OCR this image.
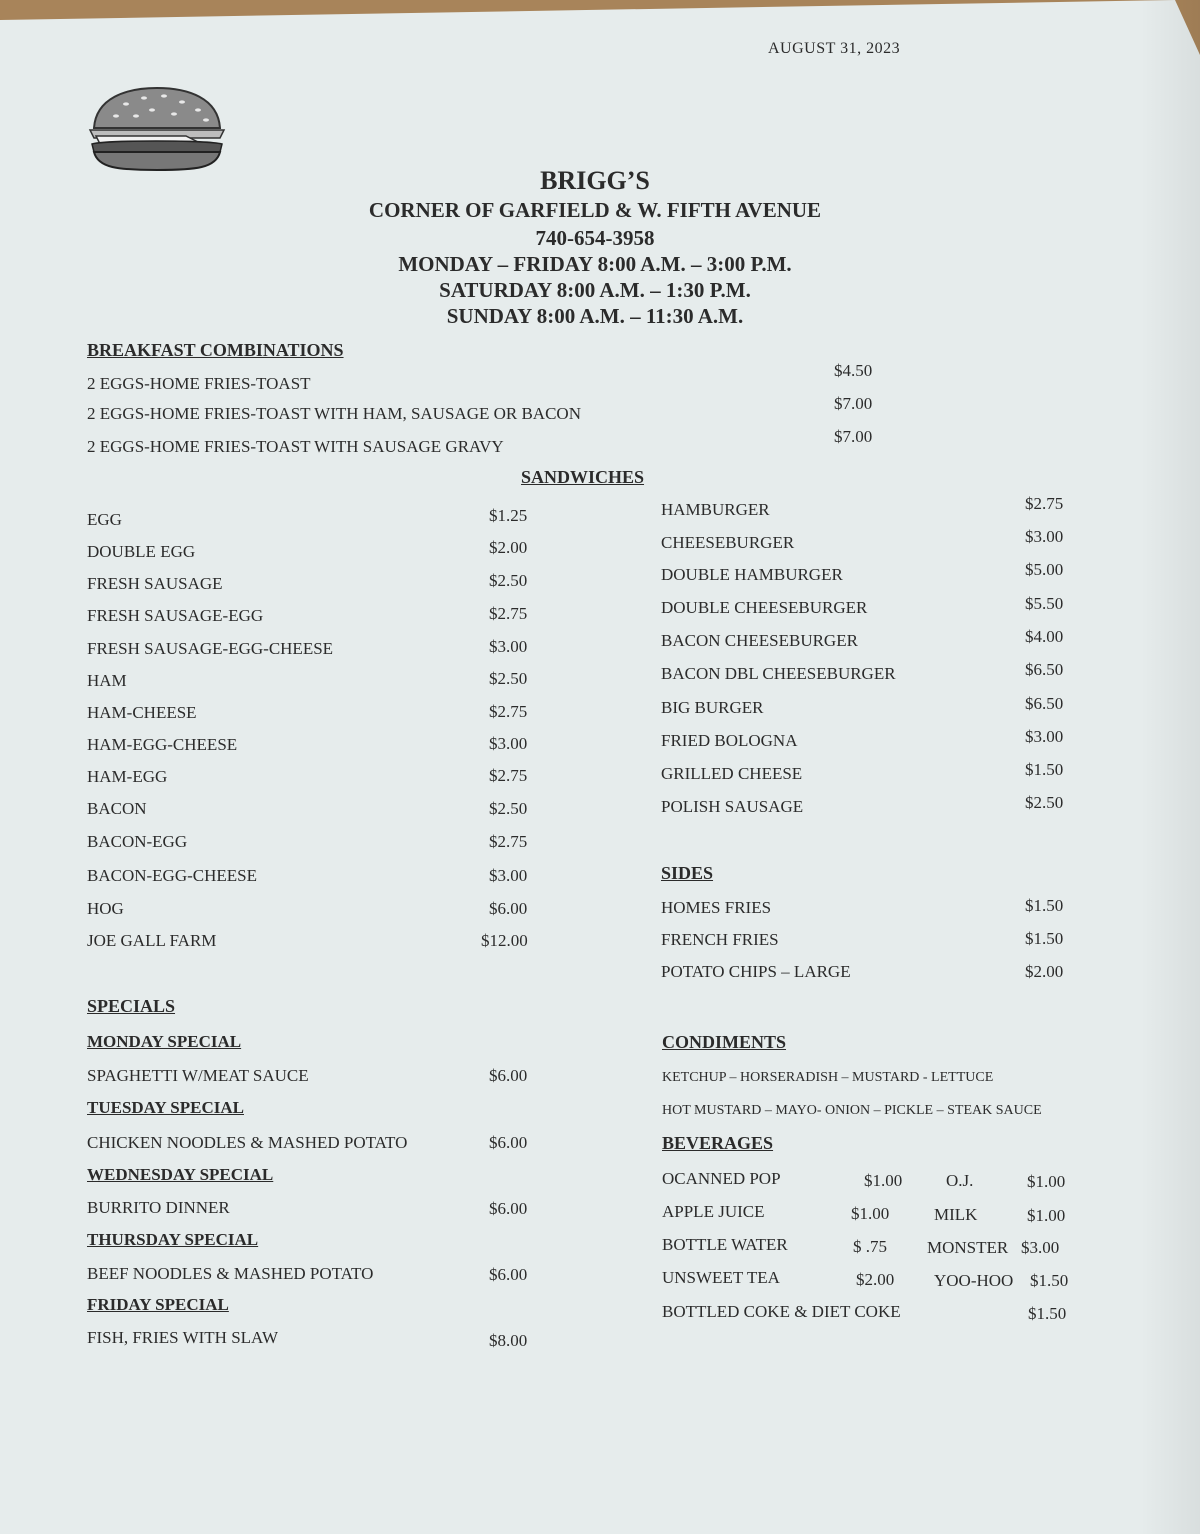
AUGUST 31, 2023
BRIGG’S
CORNER OF GARFIELD & W. FIFTH AVENUE
740-654-3958
MONDAY – FRIDAY 8:00 A.M. – 3:00 P.M.
SATURDAY 8:00 A.M. – 1:30 P.M.
SUNDAY 8:00 A.M. – 11:30 A.M.
BREAKFAST COMBINATIONS
2 EGGS-HOME FRIES-TOAST
$4.50
2 EGGS-HOME FRIES-TOAST WITH HAM, SAUSAGE OR BACON
$7.00
2 EGGS-HOME FRIES-TOAST WITH SAUSAGE GRAVY
$7.00
SANDWICHES
EGG	$1.25
DOUBLE EGG	$2.00
FRESH SAUSAGE	$2.50
FRESH SAUSAGE-EGG	$2.75
FRESH SAUSAGE-EGG-CHEESE	$3.00
HAM	$2.50
HAM-CHEESE	$2.75
HAM-EGG-CHEESE	$3.00
HAM-EGG	$2.75
BACON	$2.50
BACON-EGG	$2.75
BACON-EGG-CHEESE	$3.00
HOG	$6.00
JOE GALL FARM	$12.00
HAMBURGER	$2.75
CHEESEBURGER	$3.00
DOUBLE HAMBURGER	$5.00
DOUBLE CHEESEBURGER	$5.50
BACON CHEESEBURGER	$4.00
BACON DBL CHEESEBURGER	$6.50
BIG BURGER	$6.50
FRIED BOLOGNA	$3.00
GRILLED CHEESE	$1.50
POLISH SAUSAGE	$2.50
SIDES
HOMES FRIES	$1.50
FRENCH FRIES	$1.50
POTATO CHIPS – LARGE	$2.00
SPECIALS
MONDAY SPECIAL
SPAGHETTI W/MEAT SAUCE	$6.00
TUESDAY SPECIAL
CHICKEN NOODLES & MASHED POTATO	$6.00
WEDNESDAY SPECIAL
BURRITO DINNER	$6.00
THURSDAY SPECIAL
BEEF NOODLES & MASHED POTATO	$6.00
FRIDAY SPECIAL
FISH, FRIES WITH SLAW	$8.00
CONDIMENTS
KETCHUP – HORSERADISH – MUSTARD - LETTUCE
HOT MUSTARD – MAYO- ONION – PICKLE – STEAK SAUCE
BEVERAGES
OCANNED POP	$1.00	O.J.	$1.00
APPLE JUICE	$1.00	MILK	$1.00
BOTTLE WATER	$ .75 MONSTER $3.00
UNSWEET TEA	$2.00 YOO-HOO $1.50
BOTTLED COKE & DIET COKE	$1.50
